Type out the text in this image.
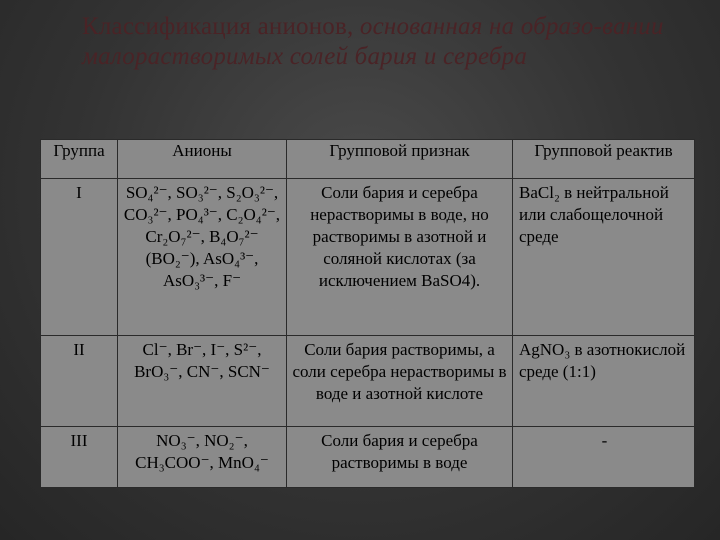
Классификация анионов, основанная на образо-вании малорастворимых солей бария и серебра
Группа	Анионы	Групповой признак	Групповой реактив

I	SO₄²⁻, SO₃²⁻, S₂O₃²⁻, CO₃²⁻, PO₄³⁻, C₂O₄²⁻, Cr₂O₇²⁻, B₄O₇²⁻ (BO₂⁻), AsO₄³⁻, AsO₃³⁻, F⁻	Соли бария и серебра нерастворимы в воде, но растворимы в азотной и соляной кислотах (за исключением BaSO4).	BaCl₂ в нейтральной или слабощелочной среде

II	Cl⁻, Br⁻, I⁻, S²⁻, BrO₃⁻, CN⁻, SCN⁻	Соли бария растворимы, а соли серебра нерастворимы в воде и азотной кислоте	AgNO₃ в азотнокислой среде (1:1)

III	NO₃⁻, NO₂⁻, CH₃COO⁻, MnO₄⁻	Соли бария и серебра растворимы в воде	-
